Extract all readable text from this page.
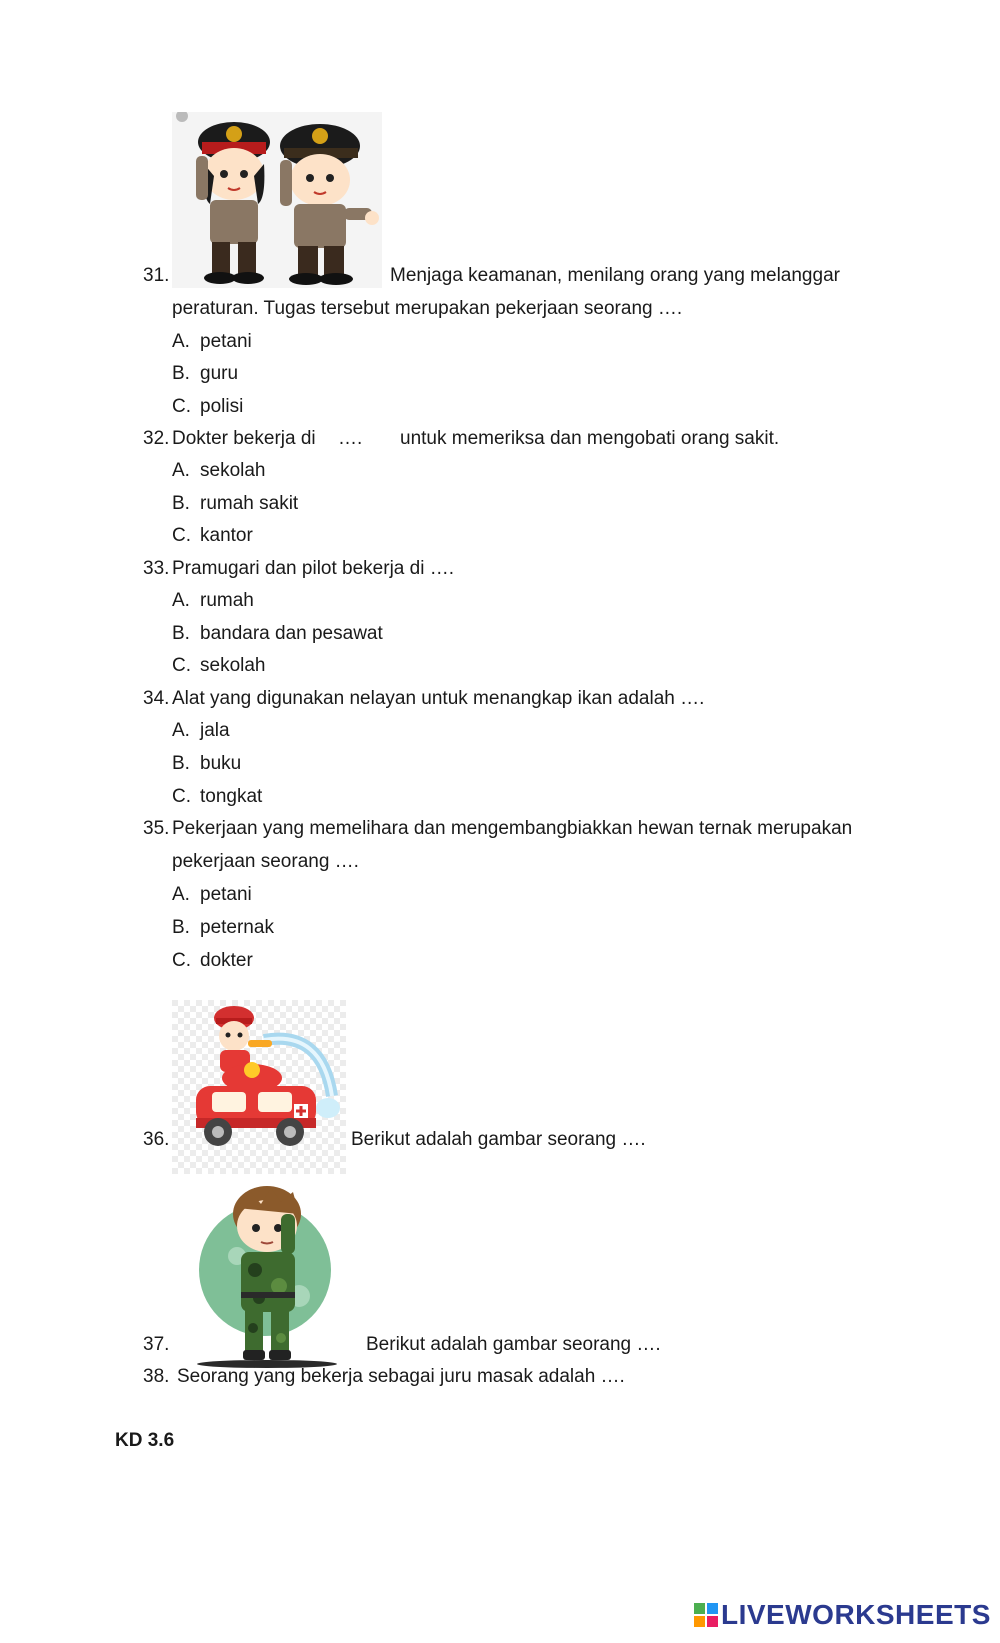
31.	Menjaga keamanan, menilang orang yang melanggar
peraturan. Tugas tersebut merupakan pekerjaan seorang ….
A. petani
B. guru
C. polisi
32. Dokter bekerja di …. untuk memeriksa dan mengobati orang sakit.
A. sekolah
B. rumah sakit
C. kantor
33. Pramugari dan pilot bekerja di ….
A. rumah
B. bandara dan pesawat
C. sekolah
34. Alat yang digunakan nelayan untuk menangkap ikan adalah ….
A. jala
B. buku
C. tongkat
35. Pekerjaan yang memelihara dan mengembangbiakkan hewan ternak merupakan
pekerjaan seorang ….
A. petani
B. peternak
C. dokter
36.	Berikut adalah gambar seorang ….
37.	Berikut adalah gambar seorang ….
38. Seorang yang bekerja sebagai juru masak adalah ….
KD 3.6
LIVEWORKSHEETS
